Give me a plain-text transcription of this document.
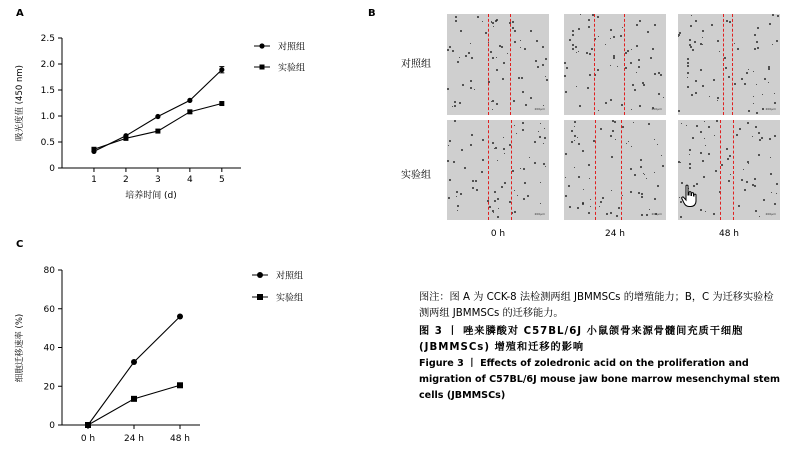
A	B
C
0
0.5
1.0
1.5
2.0
2.5
1	2	3	4	5
培养时间 (d)
吸光度值 (450 nm)
对照组
实验组
0
20
40
60
80
0 h	24 h	48 h
细胞迁移速率 (%)
对照组
实验组
对照组
实验组
200μm	200μm	200μm
200μm	200μm	200μm
0 h	24 h	48 h

图注：图 A 为 CCK-8 法检测两组 JBMMSCs 的增殖能力；B，C 为迁移实验检测两组 JBMMSCs 的迁移能力。

图 3 丨 唑来膦酸对 C57BL/6J 小鼠颌骨来源骨髓间充质干细胞 (JBMMSCs) 增殖和迁移的影响

Figure 3 丨 Effects of zoledronic acid on the proliferation and migration of C57BL/6J mouse jaw bone marrow mesenchymal stem cells (JBMMSCs)
